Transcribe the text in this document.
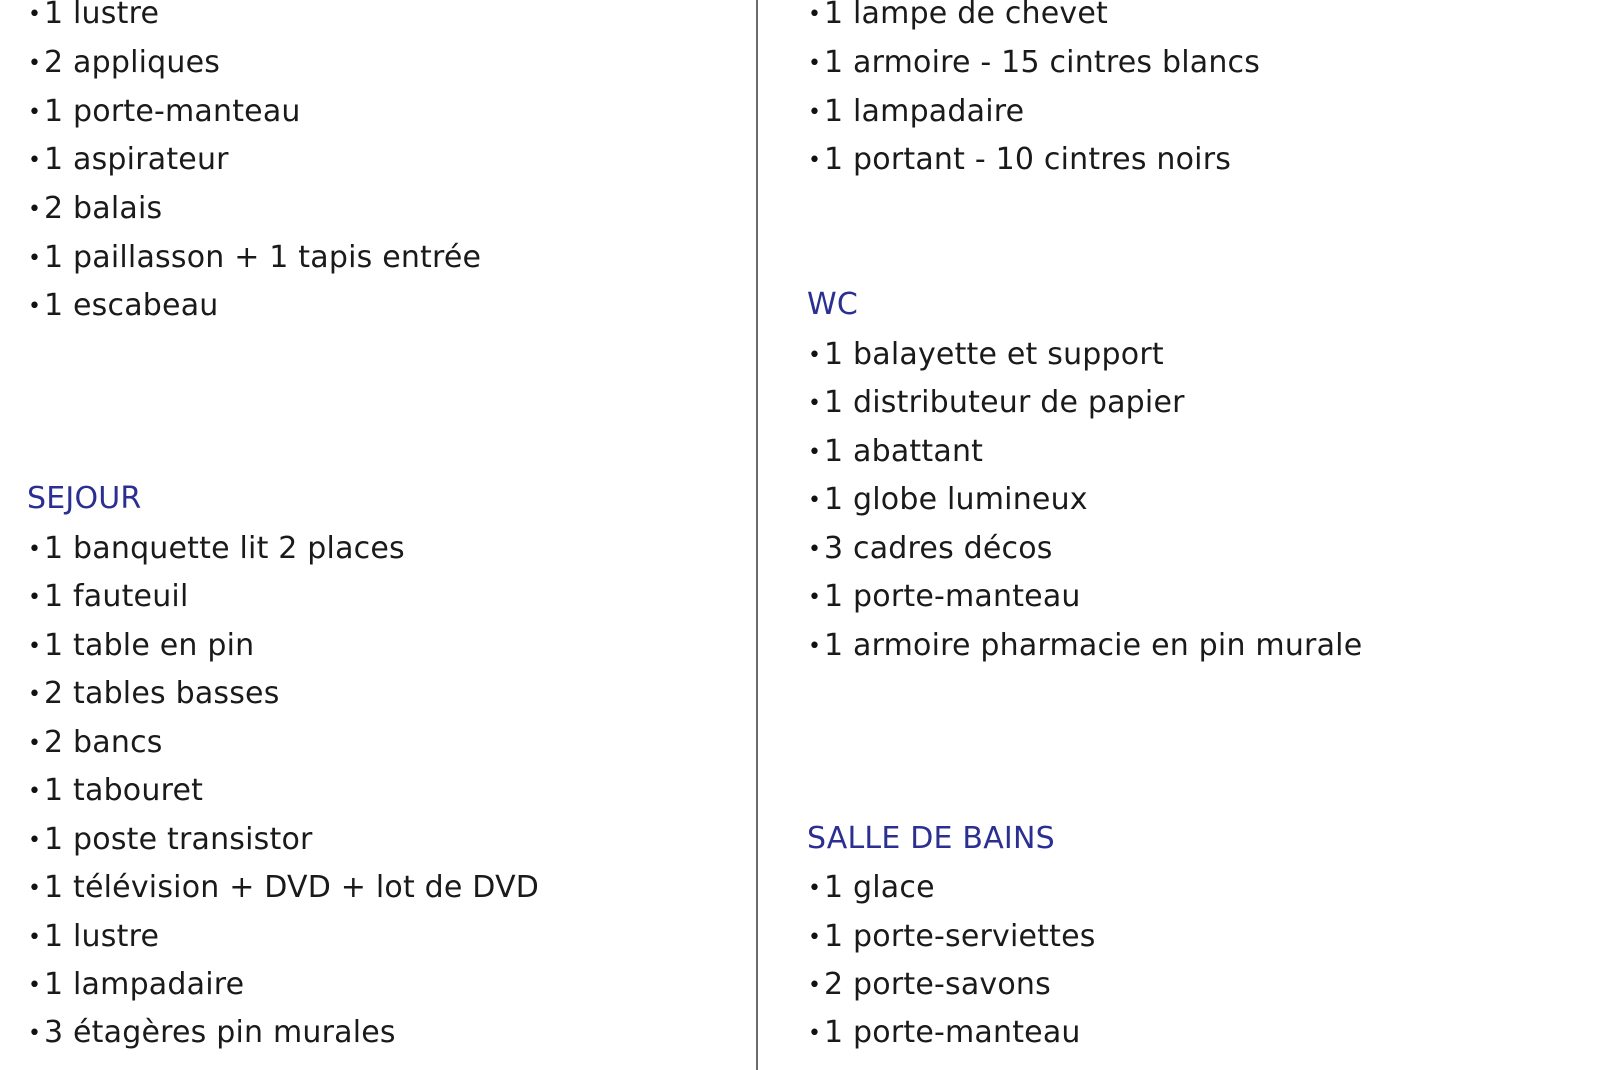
•1 lustre
•2 appliques
•1 porte-manteau
•1 aspirateur
•2 balais
•1 paillasson + 1 tapis entrée
•1 escabeau
SEJOUR
•1 banquette lit 2 places
•1 fauteuil
•1 table en pin
•2 tables basses
•2 bancs
•1 tabouret
•1 poste transistor
•1 télévision + DVD + lot de DVD
•1 lustre
•1 lampadaire
•3 étagères pin murales
•1 lampe de chevet
•1 armoire - 15 cintres blancs
•1 lampadaire
•1 portant - 10 cintres noirs
WC
•1 balayette et support
•1 distributeur de papier
•1 abattant
•1 globe lumineux
•3 cadres décos
•1 porte-manteau
•1 armoire pharmacie en pin murale
SALLE DE BAINS
•1 glace
•1 porte-serviettes
•2 porte-savons
•1 porte-manteau
